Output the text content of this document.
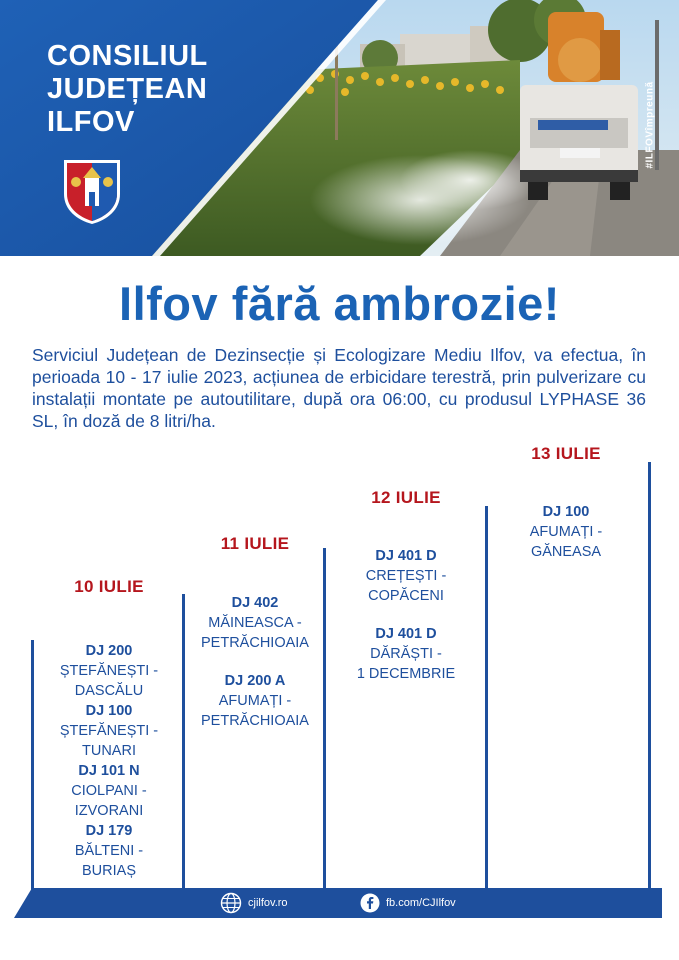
CONSILIUL
JUDEȚEAN
ILFOV	#ILFOVîmpreună
Ilfov fără ambrozie!
Serviciul Județean de Dezinsecție și Ecologizare Mediu Ilfov, va efectua, în perioada 10 - 17 iulie 2023, acțiunea de erbicidare terestră, prin pulverizare cu instalații montate pe autoutilitare, după ora 06:00, cu produsul LYPHASE 36 SL, în doză de 8 litri/ha.
10 IULIE
DJ 200
ȘTEFĂNEȘTI -
DASCĂLU
DJ 100
ȘTEFĂNEȘTI -
TUNARI
DJ 101 N
CIOLPANI -
IZVORANI
DJ 179
BĂLTENI -
BURIAȘ
11 IULIE
DJ 402
MĂINEASCA -
PETRĂCHIOAIA
DJ 200 A
AFUMAȚI -
PETRĂCHIOAIA
12 IULIE
DJ 401 D
CREȚEȘTI -
COPĂCENI
DJ 401 D
DĂRĂȘTI -
1 DECEMBRIE
13 IULIE
DJ 100
AFUMAȚI -
GĂNEASA
cjilfov.ro	fb.com/CJIlfov
